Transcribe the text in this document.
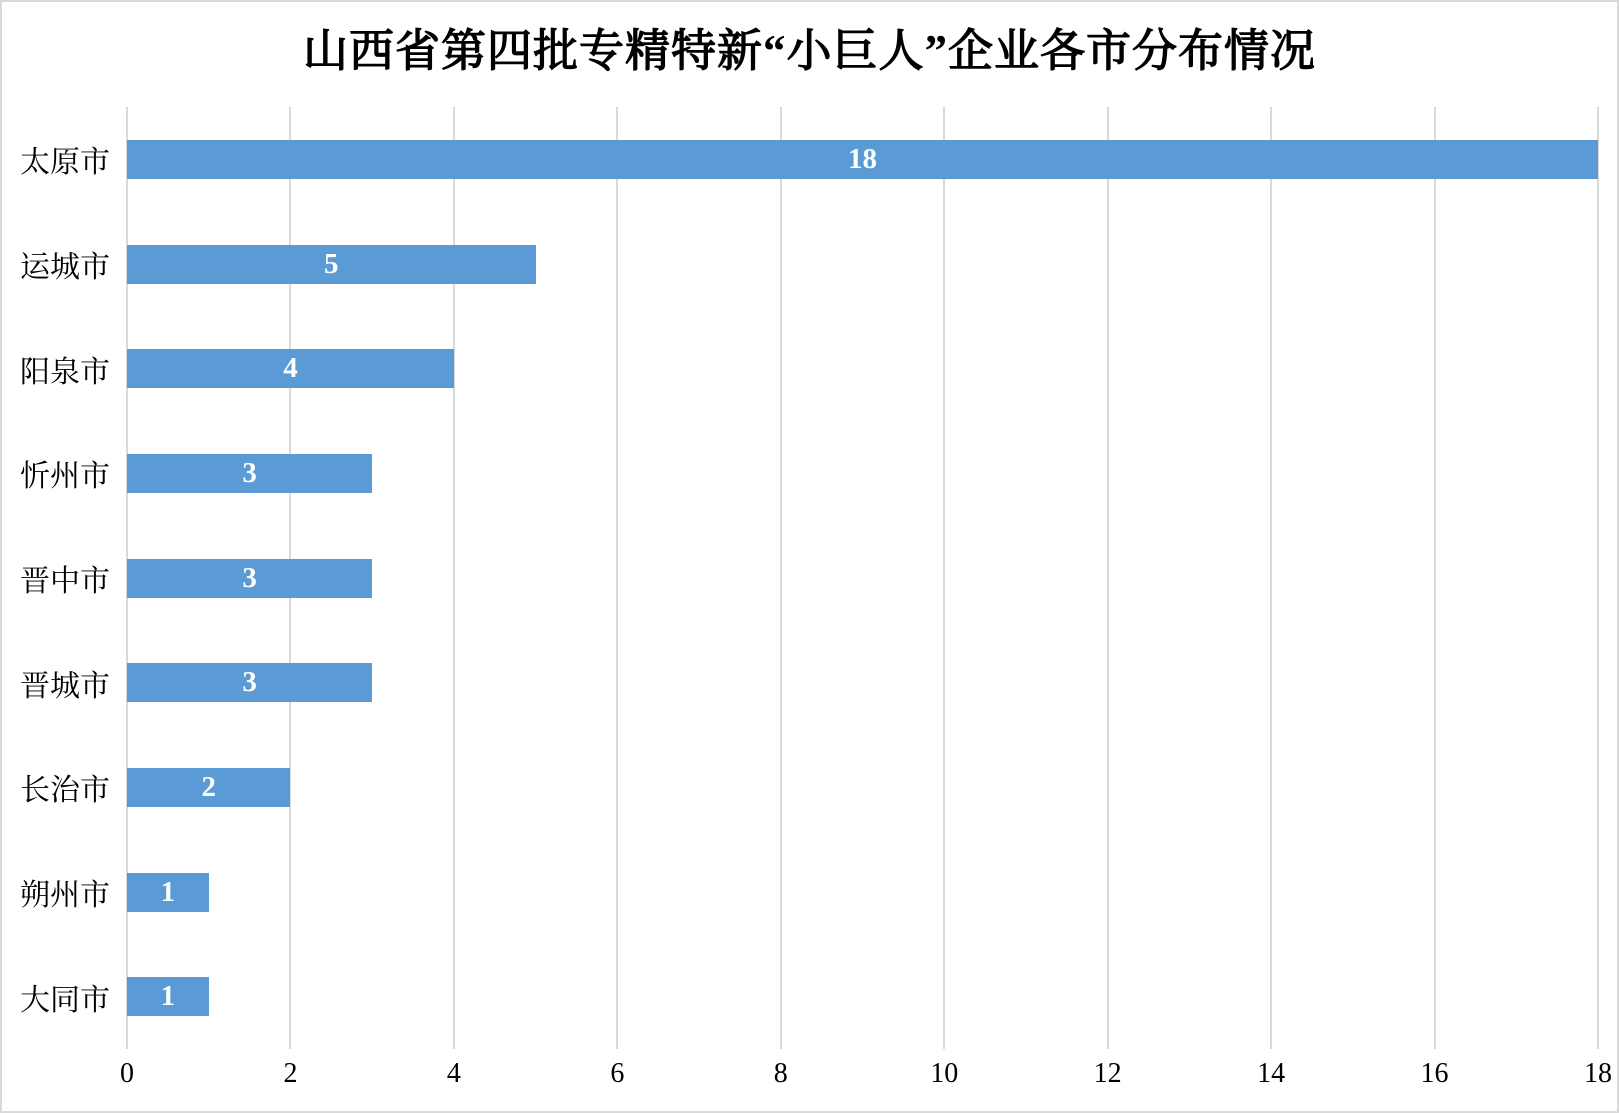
山西省第四批专精特新“小巨人”企业各市分布情况
太原市
运城市
阳泉市
忻州市
晋中市
晋城市
长治市
朔州市
大同市
18
5
4
3
3
3
2
1
1
0	2	4	6	8	10	12	14	16	18
